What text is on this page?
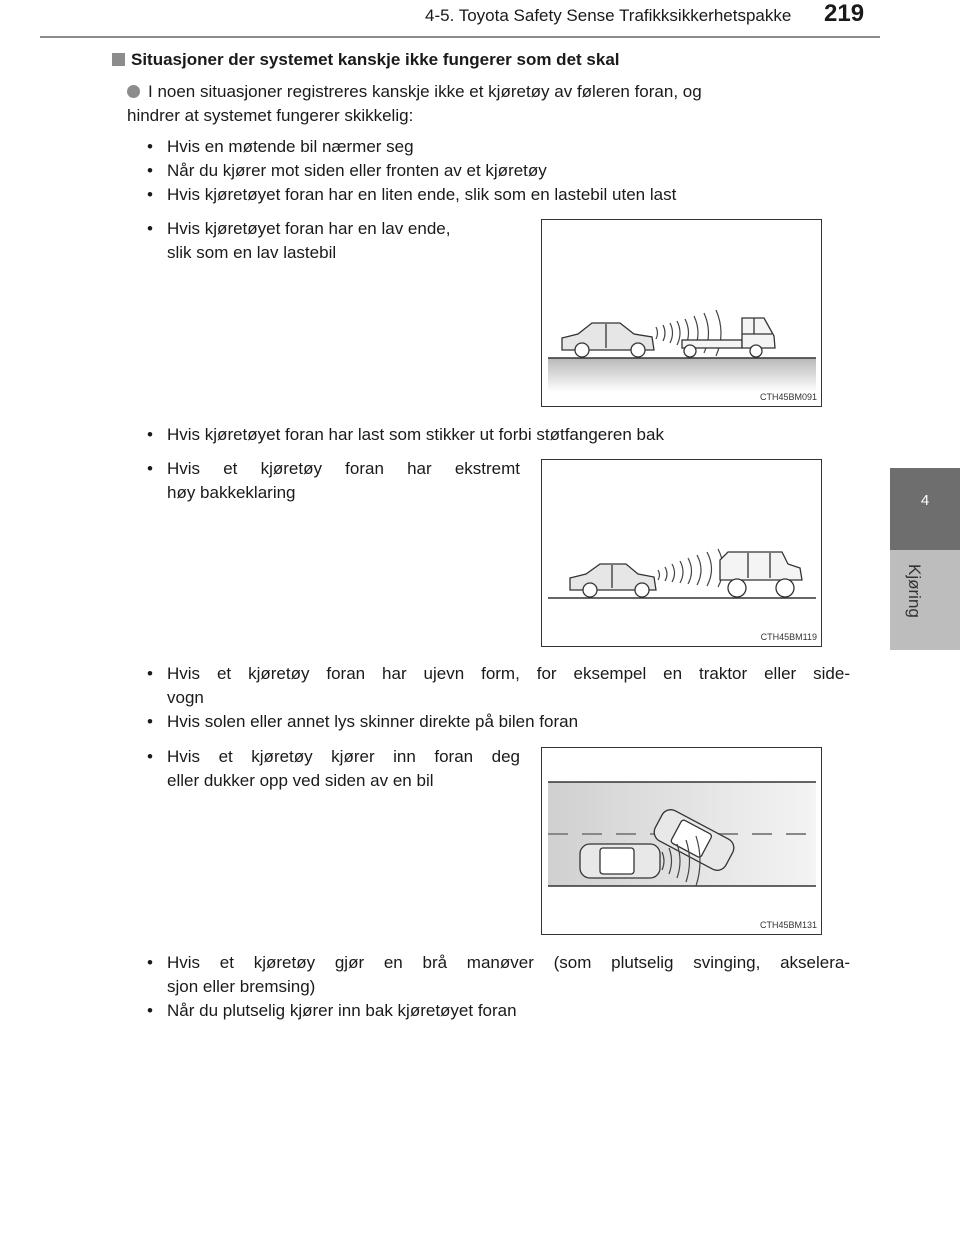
4-5. Toyota Safety Sense Trafikksikkerhetspakke 219
4
Kjøring
Situasjoner der systemet kanskje ikke fungerer som det skal
I noen situasjoner registreres kanskje ikke et kjøretøy av føleren foran, og
hindrer at systemet fungerer skikkelig:
• Hvis en møtende bil nærmer seg
• Når du kjører mot siden eller fronten av et kjøretøy
• Hvis kjøretøyet foran har en liten ende, slik som en lastebil uten last
• Hvis kjøretøyet foran har en lav ende,
slik som en lav lastebil
CTH45BM091
• Hvis kjøretøyet foran har last som stikker ut forbi støtfangeren bak
• Hvis et kjøretøy foran har ekstremt
høy bakkeklaring
CTH45BM119
• Hvis et kjøretøy foran har ujevn form, for eksempel en traktor eller side-
vogn
• Hvis solen eller annet lys skinner direkte på bilen foran
• Hvis et kjøretøy kjører inn foran deg
eller dukker opp ved siden av en bil
CTH45BM131
• Hvis et kjøretøy gjør en brå manøver (som plutselig svinging, akselera-
sjon eller bremsing)
• Når du plutselig kjører inn bak kjøretøyet foran
